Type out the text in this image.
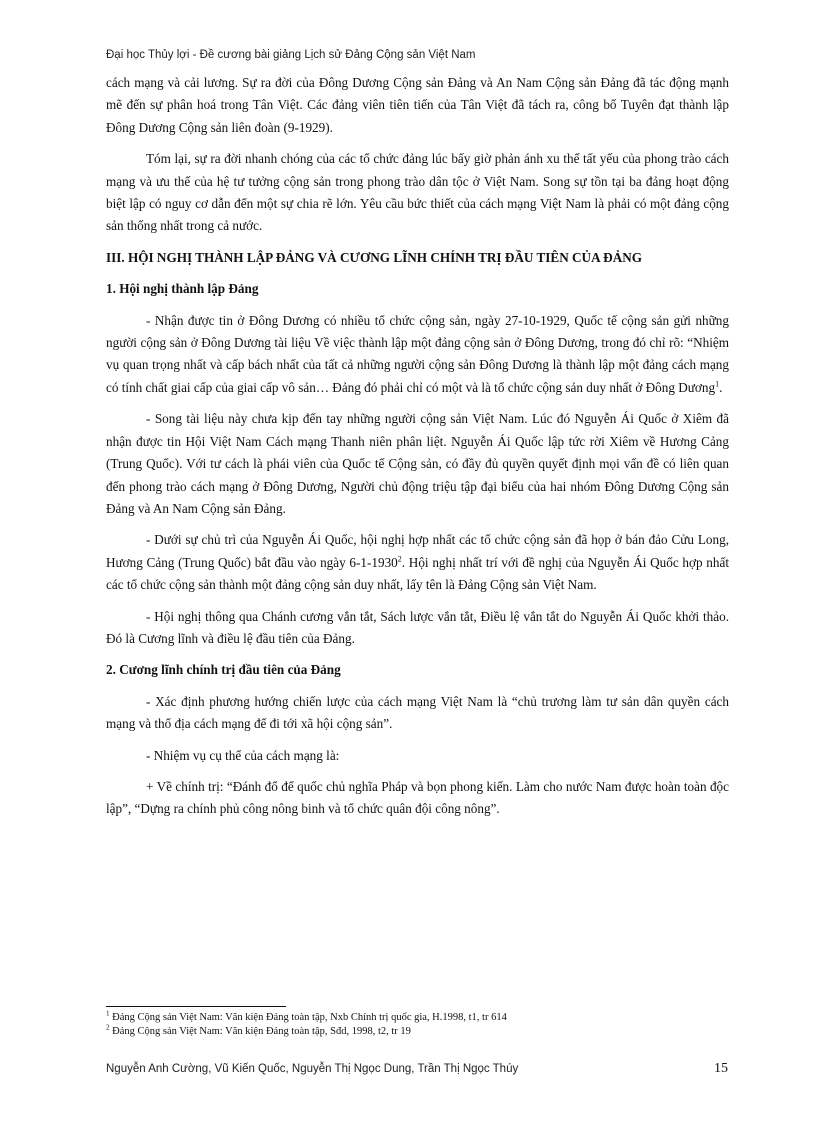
Đại học Thủy lợi - Đề cương bài giảng Lịch sử Đảng Cộng sản Việt Nam

cách mạng và cải lương. Sự ra đời của Đông Dương Cộng sản Đảng và An Nam Cộng sản Đảng đã tác động mạnh mẽ đến sự phân hoá trong Tân Việt. Các đảng viên tiên tiến của Tân Việt đã tách ra, công bố Tuyên đạt thành lập Đông Dương Cộng sản liên đoàn (9-1929).

Tóm lại, sự ra đời nhanh chóng của các tổ chức đảng lúc bấy giờ phản ánh xu thế tất yếu của phong trào cách mạng và ưu thế của hệ tư tưởng cộng sản trong phong trào dân tộc ở Việt Nam. Song sự tồn tại ba đảng hoạt động biệt lập có nguy cơ dẫn đến một sự chia rẽ lớn. Yêu cầu bức thiết của cách mạng Việt Nam là phải có một đảng cộng sản thống nhất trong cả nước.

III. HỘI NGHỊ THÀNH LẬP ĐẢNG VÀ CƯƠNG LĨNH CHÍNH TRỊ ĐẦU TIÊN CỦA ĐẢNG
1. Hội nghị thành lập Đảng

- Nhận được tin ở Đông Dương có nhiều tổ chức cộng sản, ngày 27-10-1929, Quốc tế cộng sản gửi những người cộng sản ở Đông Dương tài liệu Về việc thành lập một đảng cộng sản ở Đông Dương, trong đó chỉ rõ: “Nhiệm vụ quan trọng nhất và cấp bách nhất của tất cả những người cộng sản Đông Dương là thành lập một đảng cách mạng có tính chất giai cấp của giai cấp vô sản… Đảng đó phải chỉ có một và là tổ chức cộng sản duy nhất ở Đông Dương$^1$.

- Song tài liệu này chưa kịp đến tay những người cộng sản Việt Nam. Lúc đó Nguyễn Ái Quốc ở Xiêm đã nhận được tin Hội Việt Nam Cách mạng Thanh niên phân liệt. Nguyễn Ái Quốc lập tức rời Xiêm về Hương Cảng (Trung Quốc). Với tư cách là phái viên của Quốc tế Cộng sản, có đầy đủ quyền quyết định mọi vấn đề có liên quan đến phong trào cách mạng ở Đông Dương, Người chủ động triệu tập đại biểu của hai nhóm Đông Dương Cộng sản Đảng và An Nam Cộng sản Đảng.

- Dưới sự chủ trì của Nguyễn Ái Quốc, hội nghị hợp nhất các tổ chức cộng sản đã họp ở bán đảo Cửu Long, Hương Cảng (Trung Quốc) bắt đầu vào ngày 6-1-1930$^2$. Hội nghị nhất trí với đề nghị của Nguyễn Ái Quốc hợp nhất các tổ chức cộng sản thành một đảng cộng sản duy nhất, lấy tên là Đảng Cộng sản Việt Nam.

- Hội nghị thông qua Chánh cương vắn tắt, Sách lược vắn tắt, Điều lệ vắn tắt do Nguyễn Ái Quốc khởi thảo. Đó là Cương lĩnh và điều lệ đầu tiên của Đảng.

2. Cương lĩnh chính trị đầu tiên của Đảng

- Xác định phương hướng chiến lược của cách mạng Việt Nam là “chủ trương làm tư sản dân quyền cách mạng và thổ địa cách mạng để đi tới xã hội cộng sản”.

- Nhiệm vụ cụ thể của cách mạng là:

+ Về chính trị: “Đánh đổ đế quốc chủ nghĩa Pháp và bọn phong kiến. Làm cho nước Nam được hoàn toàn độc lập”, “Dựng ra chính phủ công nông binh và tổ chức quân đội công nông”.

$^1$ Đảng Cộng sản Việt Nam: Văn kiện Đảng toàn tập, Nxb Chính trị quốc gia, H.1998, t1, tr 614
$^2$ Đảng Cộng sản Việt Nam: Văn kiện Đảng toàn tập, Sđd, 1998, t2, tr 19
Nguyễn Anh Cường, Vũ Kiến Quốc, Nguyễn Thị Ngọc Dung, Trần Thị Ngọc Thúy	15
